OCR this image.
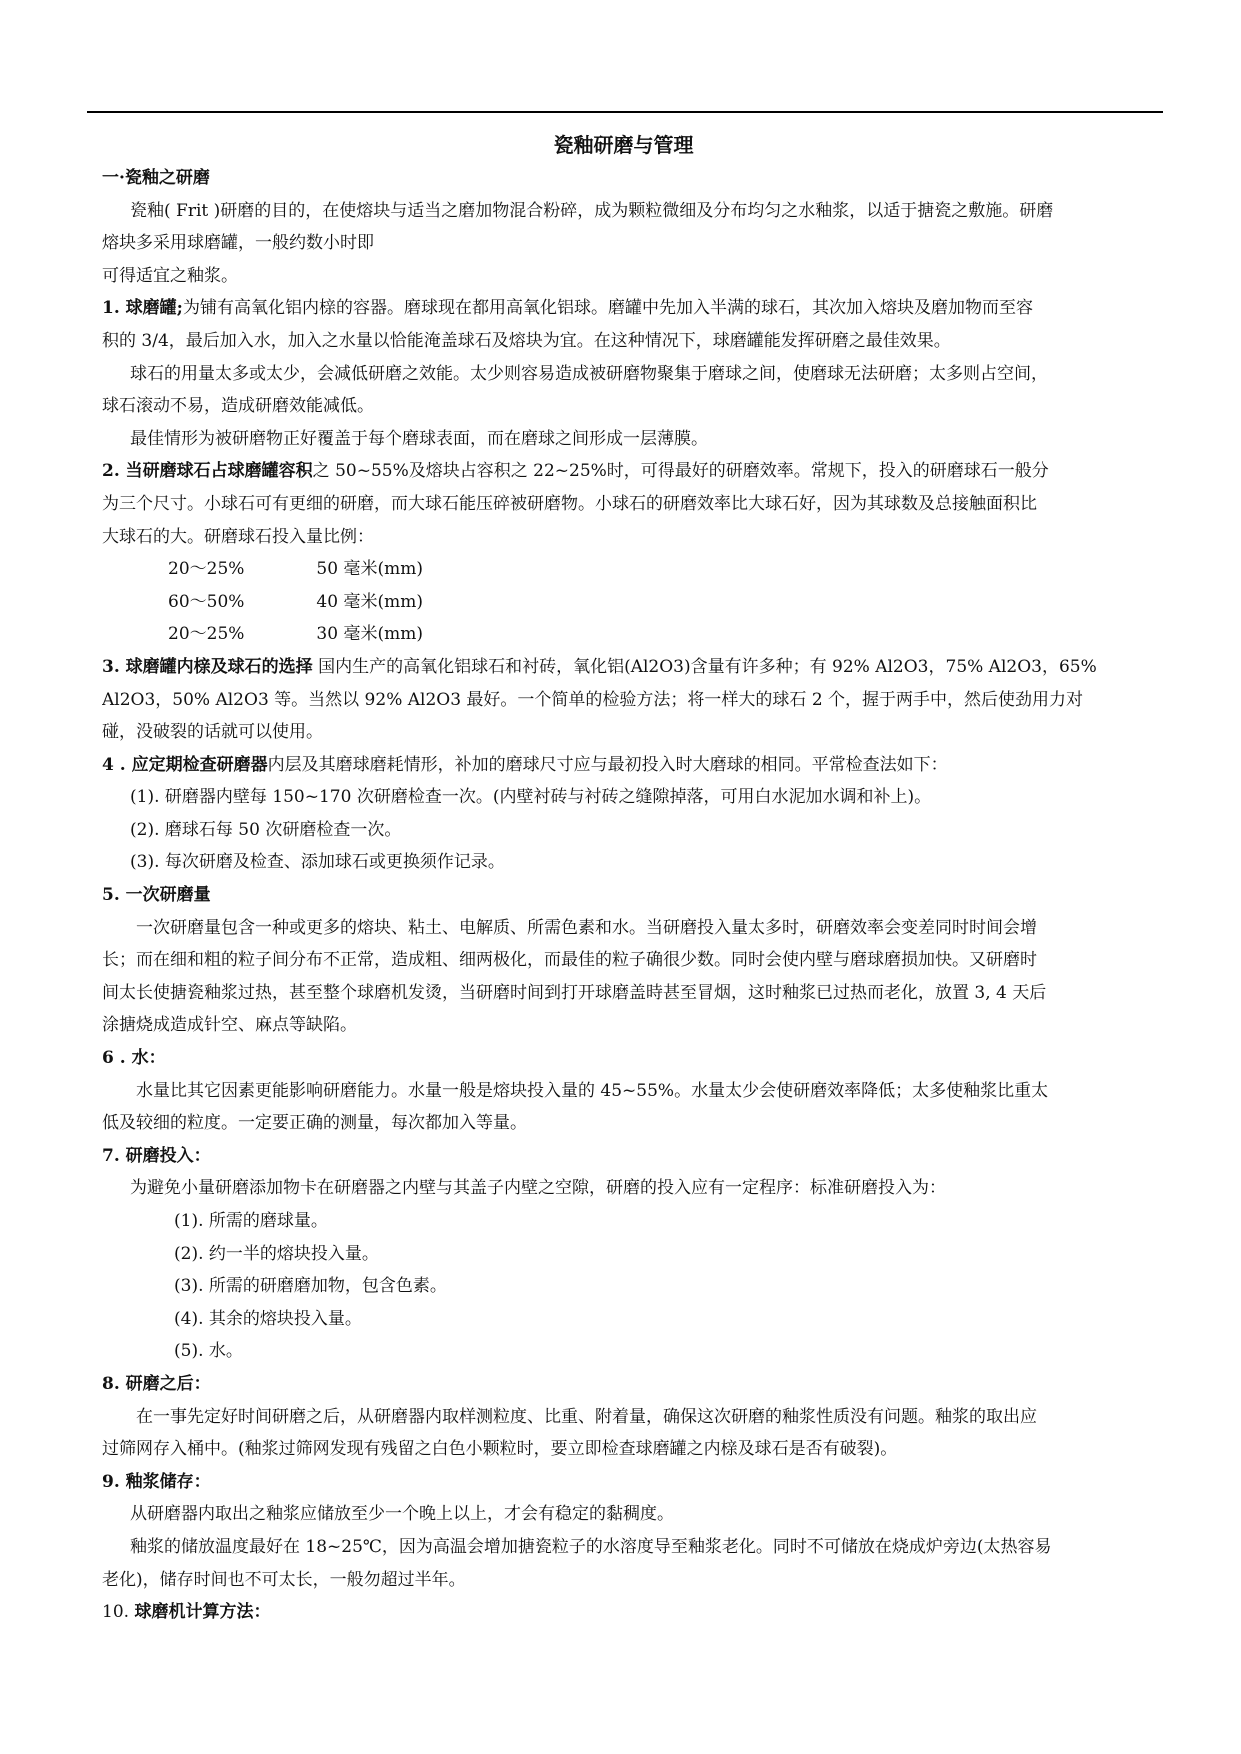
瓷釉研磨与管理
一·瓷釉之研磨
瓷釉( Frit )研磨的目的，在使熔块与适当之磨加物混合粉碎，成为颗粒微细及分布均匀之水釉浆，以适于搪瓷之敷施。研磨
熔块多采用球磨罐，一般约数小时即
可得适宜之釉浆。
1. 球磨罐;为铺有高氧化铝内榇的容器。磨球现在都用高氧化铝球。磨罐中先加入半满的球石，其次加入熔块及磨加物而至容
积的 3/4，最后加入水，加入之水量以恰能淹盖球石及熔块为宜。在这种情况下，球磨罐能发挥研磨之最佳效果。
球石的用量太多或太少，会减低研磨之效能。太少则容易造成被研磨物聚集于磨球之间，使磨球无法研磨；太多则占空间，
球石滚动不易，造成研磨效能减低。
最佳情形为被研磨物正好覆盖于每个磨球表面，而在磨球之间形成一层薄膜。
2. 当研磨球石占球磨罐容积之 50~55%及熔块占容积之 22~25%时，可得最好的研磨效率。常规下，投入的研磨球石一般分
为三个尺寸。小球石可有更细的研磨，而大球石能压碎被研磨物。小球石的研磨效率比大球石好，因为其球数及总接触面积比
大球石的大。研磨球石投入量比例：
20～25%	50 毫米(mm)
60～50%	40 毫米(mm)
20～25%	30 毫米(mm)
3. 球磨罐内榇及球石的选择 国内生产的高氧化铝球石和衬砖，氧化铝(Al2O3)含量有许多种；有 92% Al2O3，75% Al2O3，65%
Al2O3，50% Al2O3 等。当然以 92% Al2O3 最好。一个简单的检验方法；将一样大的球石 2 个，握于两手中，然后使劲用力对
碰，没破裂的话就可以使用。
4 . 应定期检查研磨器内层及其磨球磨耗情形，补加的磨球尺寸应与最初投入时大磨球的相同。平常检查法如下：
(1). 研磨器内壁每 150~170 次研磨检查一次。(内壁衬砖与衬砖之缝隙掉落，可用白水泥加水调和补上)。
(2). 磨球石每 50 次研磨检查一次。
(3). 每次研磨及检查、添加球石或更换须作记录。
5. 一次研磨量
一次研磨量包含一种或更多的熔块、粘土、电解质、所需色素和水。当研磨投入量太多时，研磨效率会变差同时时间会增
长；而在细和粗的粒子间分布不正常，造成粗、细两极化，而最佳的粒子确很少数。同时会使内壁与磨球磨损加快。又研磨时
间太长使搪瓷釉浆过热，甚至整个球磨机发烫，当研磨时间到打开球磨盖時甚至冒烟，这时釉浆已过热而老化，放置 3, 4 天后
涂搪烧成造成针空、麻点等缺陷。
6 . 水：
水量比其它因素更能影响研磨能力。水量一般是熔块投入量的 45~55%。水量太少会使研磨效率降低；太多使釉浆比重太
低及较细的粒度。一定要正确的测量，每次都加入等量。
7. 研磨投入：
为避免小量研磨添加物卡在研磨器之内壁与其盖子内壁之空隙，研磨的投入应有一定程序：标准研磨投入为：
(1). 所需的磨球量。
(2). 约一半的熔块投入量。
(3). 所需的研磨磨加物，包含色素。
(4). 其余的熔块投入量。
(5). 水。
8. 研磨之后：
在一事先定好时间研磨之后，从研磨器内取样测粒度、比重、附着量，确保这次研磨的釉浆性质没有问题。釉浆的取出应
过筛网存入桶中。(釉浆过筛网发现有残留之白色小颗粒时，要立即检查球磨罐之内榇及球石是否有破裂)。
9. 釉浆储存：
从研磨器内取出之釉浆应储放至少一个晚上以上，才会有稳定的黏稠度。
釉浆的储放温度最好在 18~25℃，因为高温会增加搪瓷粒子的水溶度导至釉浆老化。同时不可储放在烧成炉旁边(太热容易
老化)，储存时间也不可太长，一般勿超过半年。
10. 球磨机计算方法：
